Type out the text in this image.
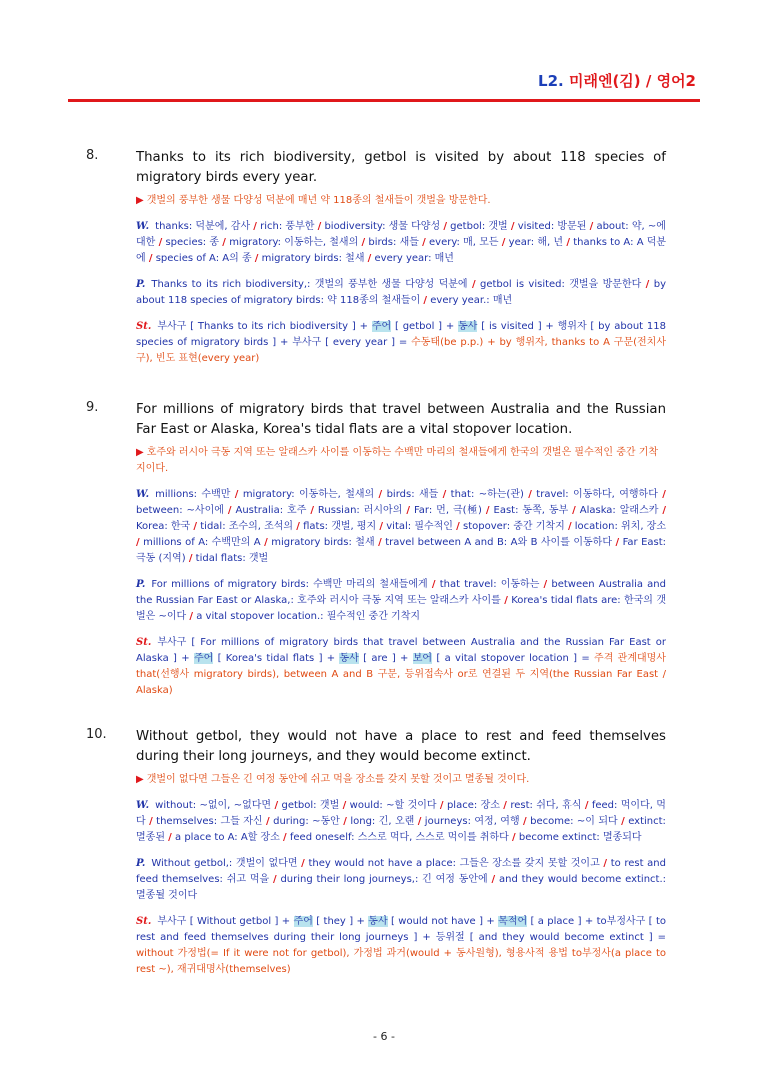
L2. 미래엔(김) / 영어2
8.	Thanks to its rich biodiversity, getbol is visited by about 118 species of migratory birds every year.
▶ 갯벌의 풍부한 생물 다양성 덕분에 매년 약 118종의 철새들이 갯벌을 방문한다.
W. thanks: 덕분에, 감사 / rich: 풍부한 / biodiversity: 생물 다양성 / getbol: 갯벌 / visited: 방문된 / about: 약, ~에 대한 / species: 종 / migratory: 이동하는, 철새의 / birds: 새들 / every: 매, 모든 / year: 해, 년 / thanks to A: A 덕분에 / species of A: A의 종 / migratory birds: 철새 / every year: 매년
P. Thanks to its rich biodiversity,: 갯벌의 풍부한 생물 다양성 덕분에 / getbol is visited: 갯벌을 방문한다 / by about 118 species of migratory birds: 약 118종의 철새들이 / every year.: 매년
St. 부사구 [ Thanks to its rich biodiversity ] + 주어 [ getbol ] + 동사 [ is visited ] + 행위자 [ by about 118 species of migratory birds ] + 부사구 [ every year ] = 수동태(be p.p.) + by 행위자, thanks to A 구문(전치사구), 빈도 표현(every year)
9.	For millions of migratory birds that travel between Australia and the Russian Far East or Alaska, Korea's tidal flats are a vital stopover location.
▶ 호주와 러시아 극동 지역 또는 알래스카 사이를 이동하는 수백만 마리의 철새들에게 한국의 갯벌은 필수적인 중간 기착지이다.
W. millions: 수백만 / migratory: 이동하는, 철새의 / birds: 새들 / that: ~하는(관) / travel: 이동하다, 여행하다 / between: ~사이에 / Australia: 호주 / Russian: 러시아의 / Far: 먼, 극(極) / East: 동쪽, 동부 / Alaska: 알래스카 / Korea: 한국 / tidal: 조수의, 조석의 / flats: 갯벌, 평지 / vital: 필수적인 / stopover: 중간 기착지 / location: 위치, 장소 / millions of A: 수백만의 A / migratory birds: 철새 / travel between A and B: A와 B 사이를 이동하다 / Far East: 극동 (지역) / tidal flats: 갯벌
P. For millions of migratory birds: 수백만 마리의 철새들에게 / that travel: 이동하는 / between Australia and the Russian Far East or Alaska,: 호주와 러시아 극동 지역 또는 알래스카 사이를 / Korea's tidal flats are: 한국의 갯벌은 ~이다 / a vital stopover location.: 필수적인 중간 기착지
St. 부사구 [ For millions of migratory birds that travel between Australia and the Russian Far East or Alaska ] + 주어 [ Korea's tidal flats ] + 동사 [ are ] + 보어 [ a vital stopover location ] = 주격 관계대명사 that(선행사 migratory birds), between A and B 구문, 등위접속사 or로 연결된 두 지역(the Russian Far East / Alaska)
10. Without getbol, they would not have a place to rest and feed themselves during their long journeys, and they would become extinct.
▶ 갯벌이 없다면 그들은 긴 여정 동안에 쉬고 먹을 장소를 갖지 못할 것이고 멸종될 것이다.
W. without: ~없이, ~없다면 / getbol: 갯벌 / would: ~할 것이다 / place: 장소 / rest: 쉬다, 휴식 / feed: 먹이다, 먹다 / themselves: 그들 자신 / during: ~동안 / long: 긴, 오랜 / journeys: 여정, 여행 / become: ~이 되다 / extinct: 멸종된 / a place to A: A할 장소 / feed oneself: 스스로 먹다, 스스로 먹이를 취하다 / become extinct: 멸종되다
P. Without getbol,: 갯벌이 없다면 / they would not have a place: 그들은 장소를 갖지 못할 것이고 / to rest and feed themselves: 쉬고 먹을 / during their long journeys,: 긴 여정 동안에 / and they would become extinct.: 멸종될 것이다
St. 부사구 [ Without getbol ] + 주어 [ they ] + 동사 [ would not have ] + 목적어 [ a place ] + to부정사구 [ to rest and feed themselves during their long journeys ] + 등위절 [ and they would become extinct ] = without 가정법(= If it were not for getbol), 가정법 과거(would + 동사원형), 형용사적 용법 to부정사(a place to rest ~), 재귀대명사(themselves)
- 6 -
